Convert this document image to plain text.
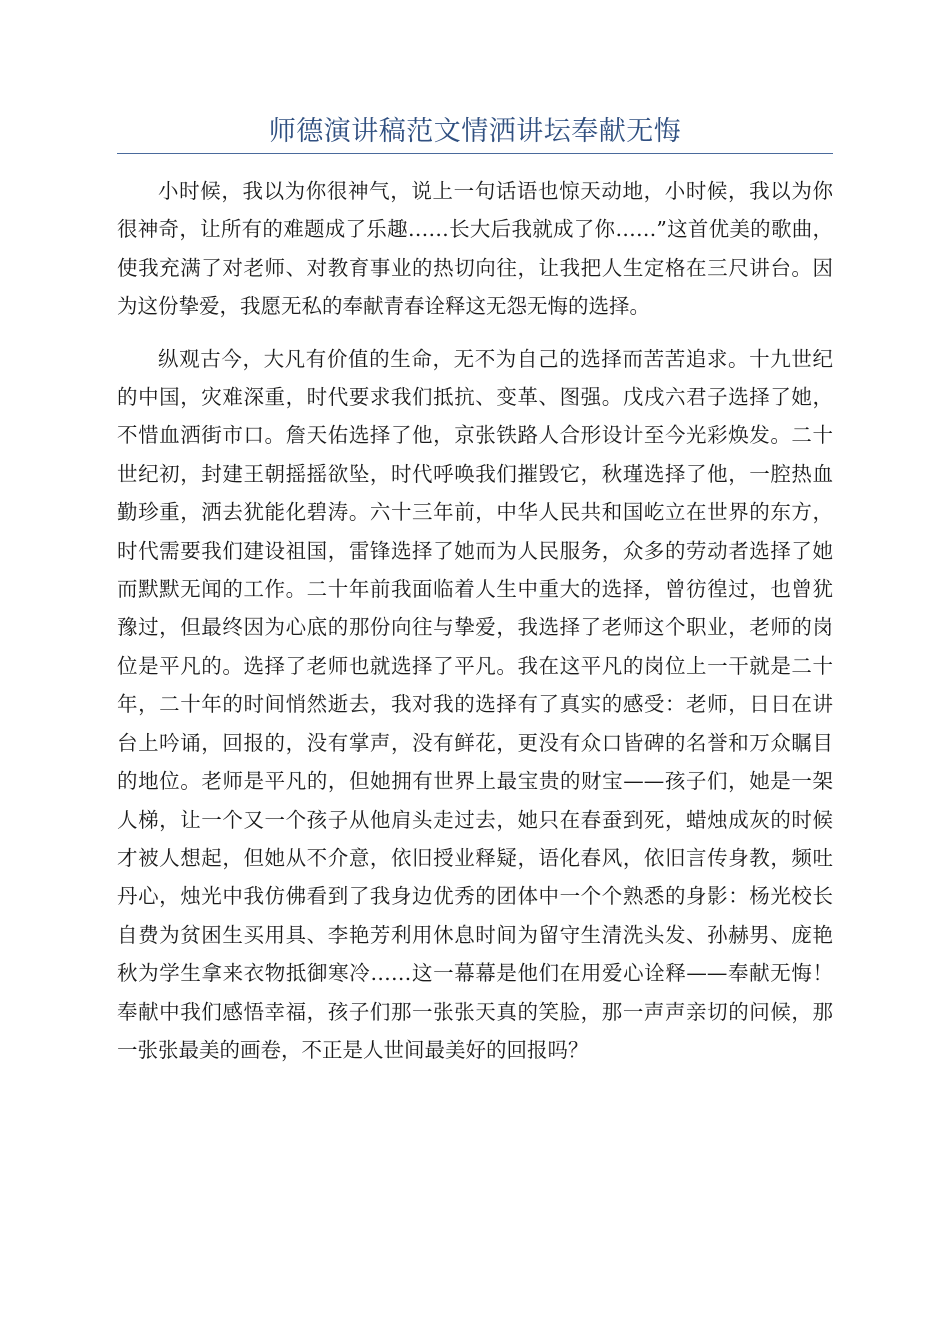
师德演讲稿范文情洒讲坛奉献无悔

小时候，我以为你很神气，说上一句话语也惊天动地，小时候，我以为你很神奇，让所有的难题成了乐趣……长大后我就成了你……”这首优美的歌曲，使我充满了对老师、对教育事业的热切向往，让我把人生定格在三尺讲台。因为这份挚爱，我愿无私的奉献青春诠释这无怨无悔的选择。

纵观古今，大凡有价值的生命，无不为自己的选择而苦苦追求。十九世纪的中国，灾难深重，时代要求我们抵抗、变革、图强。戊戌六君子选择了她，不惜血洒街市口。詹天佑选择了他，京张铁路人合形设计至今光彩焕发。二十世纪初，封建王朝摇摇欲坠，时代呼唤我们摧毁它，秋瑾选择了他，一腔热血勤珍重，洒去犹能化碧涛。六十三年前，中华人民共和国屹立在世界的东方，时代需要我们建设祖国，雷锋选择了她而为人民服务，众多的劳动者选择了她而默默无闻的工作。二十年前我面临着人生中重大的选择，曾彷徨过，也曾犹豫过，但最终因为心底的那份向往与挚爱，我选择了老师这个职业，老师的岗位是平凡的。选择了老师也就选择了平凡。我在这平凡的岗位上一干就是二十年，二十年的时间悄然逝去，我对我的选择有了真实的感受：老师，日日在讲台上吟诵，回报的，没有掌声，没有鲜花，更没有众口皆碑的名誉和万众瞩目的地位。老师是平凡的，但她拥有世界上最宝贵的财宝——孩子们，她是一架人梯，让一个又一个孩子从他肩头走过去，她只在春蚕到死，蜡烛成灰的时候才被人想起，但她从不介意，依旧授业释疑，语化春风，依旧言传身教，频吐丹心，烛光中我仿佛看到了我身边优秀的团体中一个个熟悉的身影：杨光校长自费为贫困生买用具、李艳芳利用休息时间为留守生清洗头发、孙赫男、庞艳秋为学生拿来衣物抵御寒冷……这一幕幕是他们在用爱心诠释——奉献无悔！奉献中我们感悟幸福，孩子们那一张张天真的笑脸，那一声声亲切的问候，那一张张最美的画卷，不正是人世间最美好的回报吗？
